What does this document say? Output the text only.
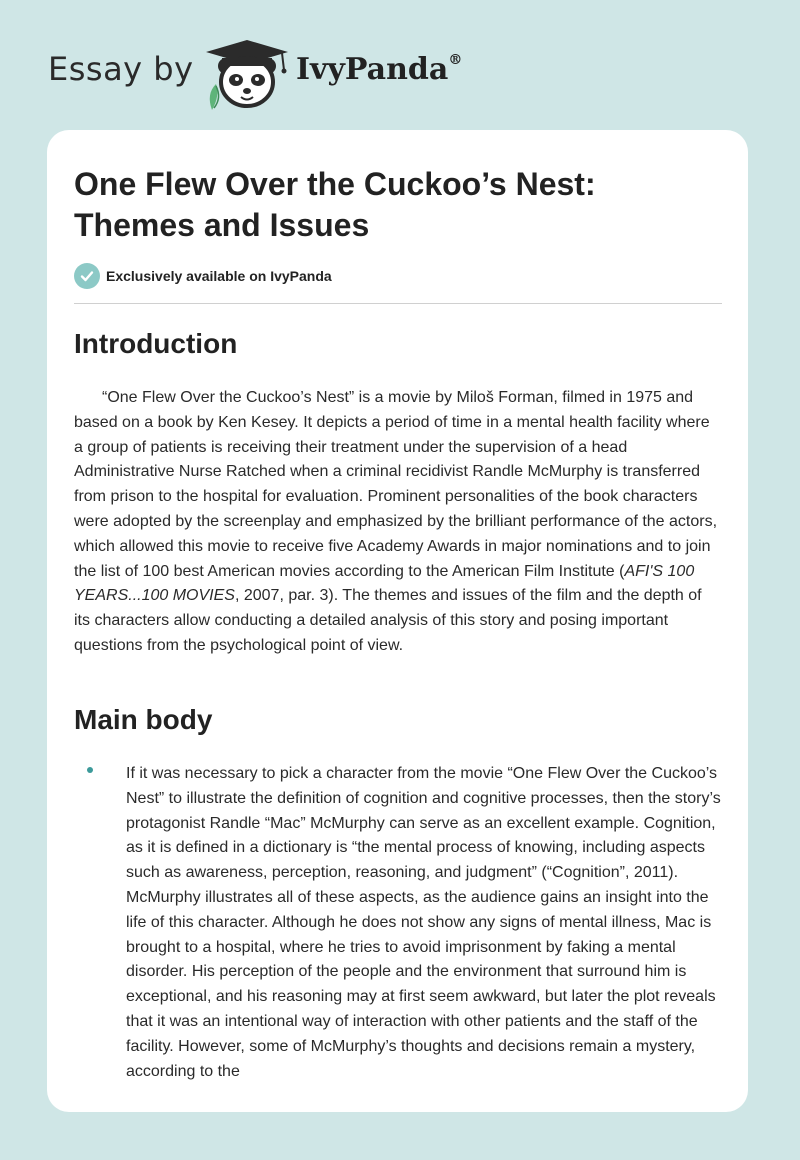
Essay by	IvyPanda®
One Flew Over the Cuckoo’s Nest: Themes and Issues
Exclusively available on IvyPanda
Introduction

“One Flew Over the Cuckoo’s Nest” is a movie by Miloš Forman, filmed in 1975 and based on a book by Ken Kesey. It depicts a period of time in a mental health facility where a group of patients is receiving their treatment under the supervision of a head Administrative Nurse Ratched when a criminal recidivist Randle McMurphy is transferred from prison to the hospital for evaluation. Prominent personalities of the book characters were adopted by the screenplay and emphasized by the brilliant performance of the actors, which allowed this movie to receive five Academy Awards in major nominations and to join the list of 100 best American movies according to the American Film Institute (AFI'S 100 YEARS...100 MOVIES, 2007, par. 3). The themes and issues of the film and the depth of its characters allow conducting a detailed analysis of this story and posing important questions from the psychological point of view.

Main body

If it was necessary to pick a character from the movie “One Flew Over the Cuckoo’s Nest” to illustrate the definition of cognition and cognitive processes, then the story’s protagonist Randle “Mac” McMurphy can serve as an excellent example. Cognition, as it is defined in a dictionary is “the mental process of knowing, including aspects such as awareness, perception, reasoning, and judgment” (“Cognition”, 2011). McMurphy illustrates all of these aspects, as the audience gains an insight into the life of this character. Although he does not show any signs of mental illness, Mac is brought to a hospital, where he tries to avoid imprisonment by faking a mental disorder. His perception of the people and the environment that surround him is exceptional, and his reasoning may at first seem awkward, but later the plot reveals that it was an intentional way of interaction with other patients and the staff of the facility. However, some of McMurphy’s thoughts and decisions remain a mystery, according to the
